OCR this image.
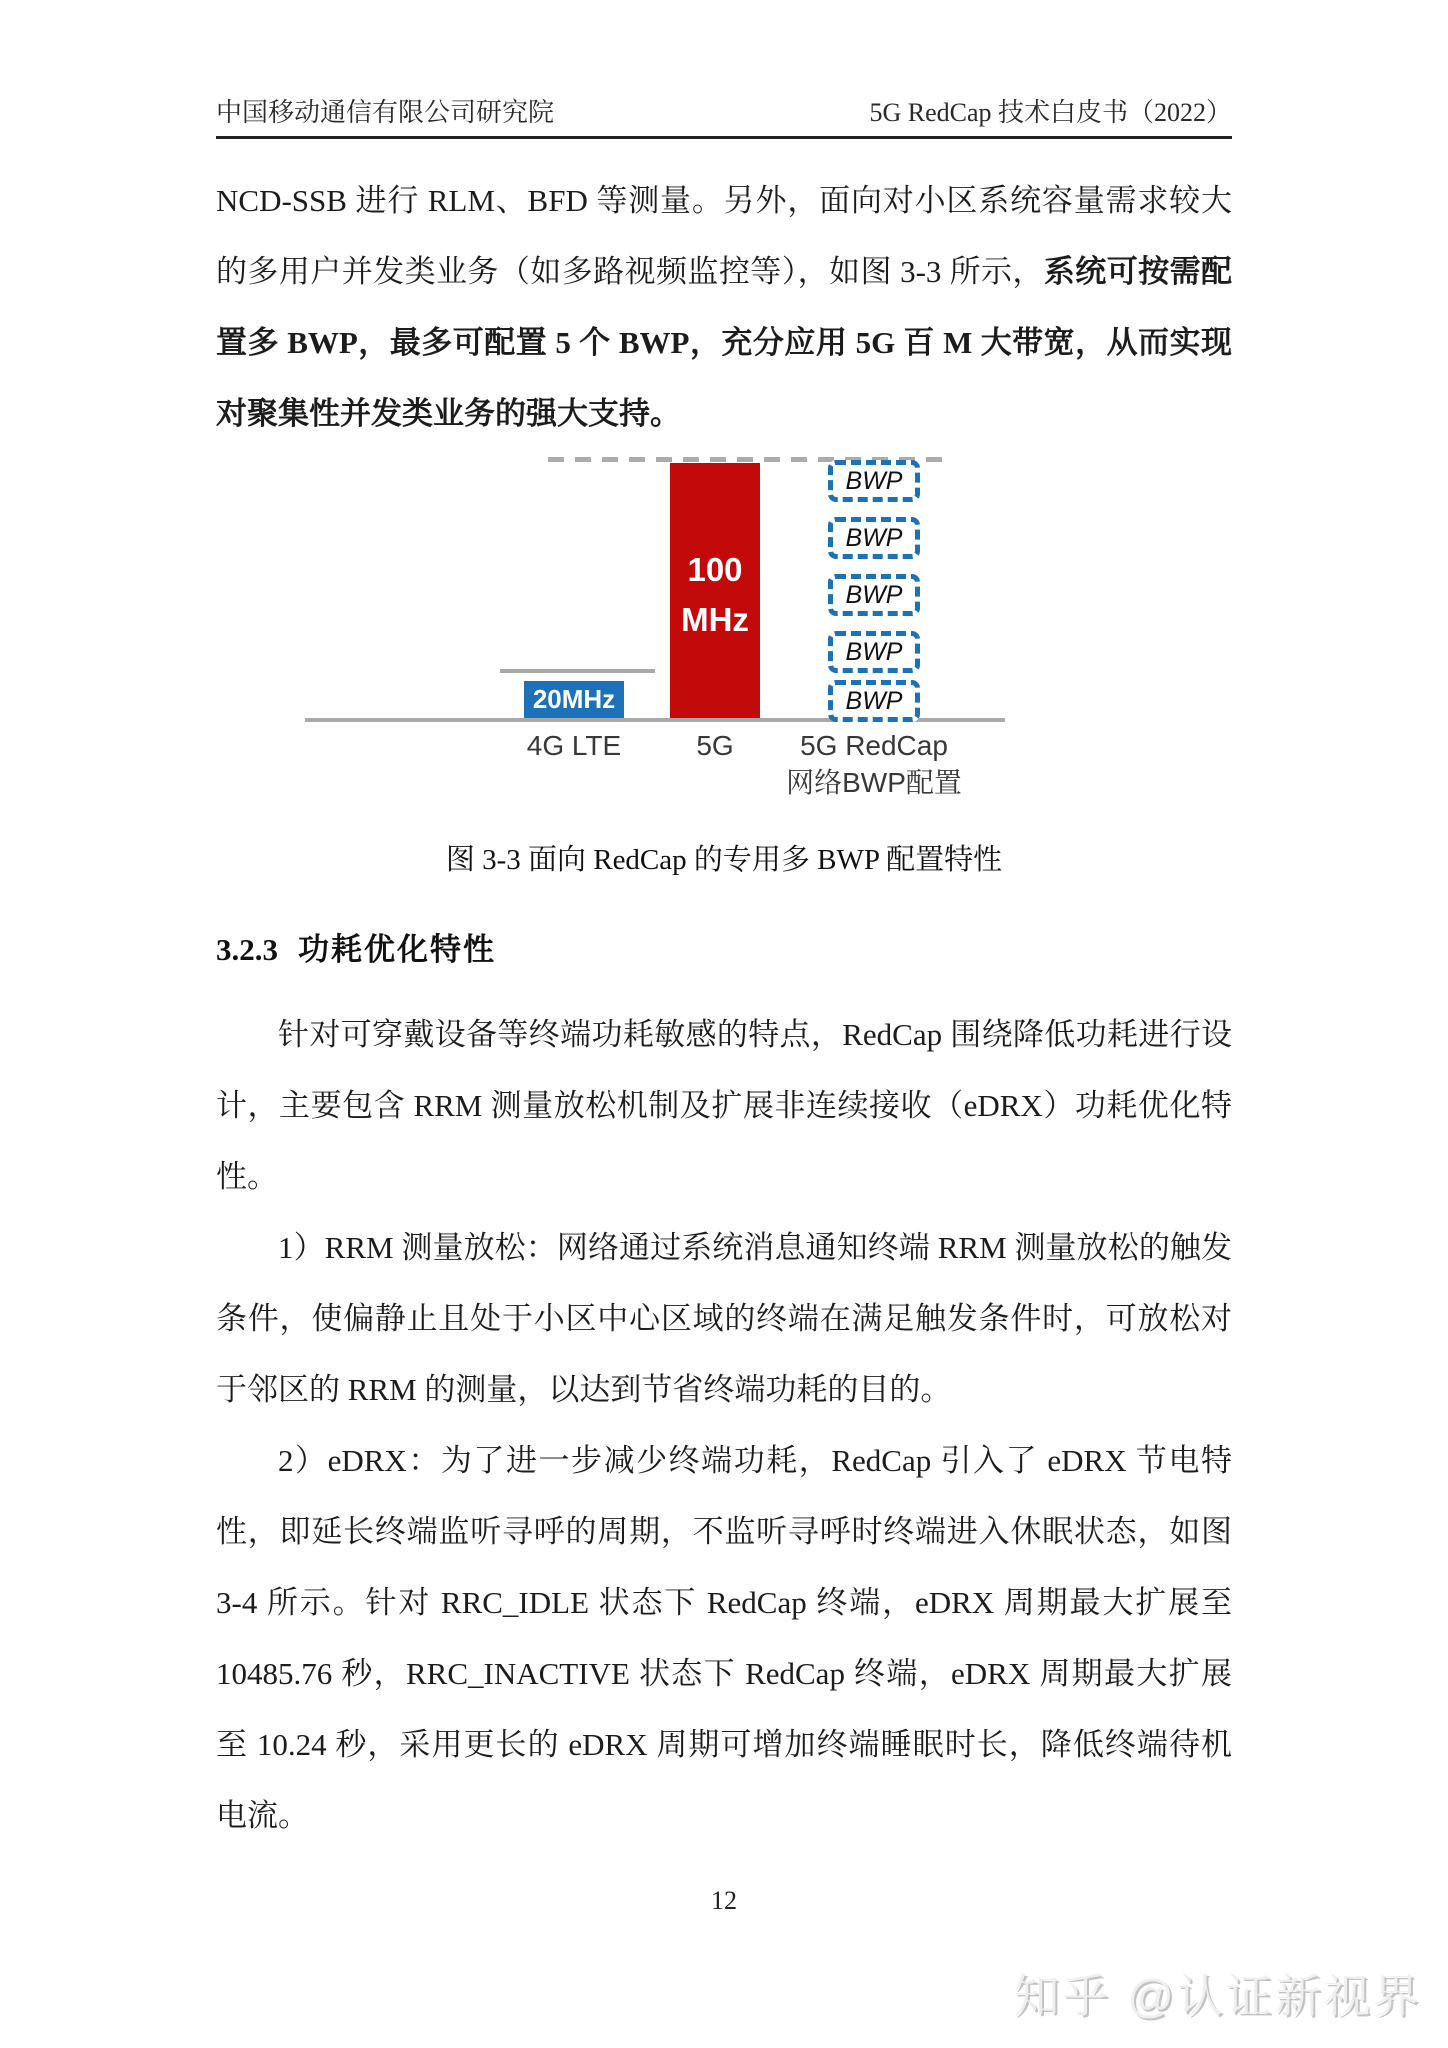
中国移动通信有限公司研究院	5G RedCap 技术白皮书（2022）

NCD-SSB 进行 RLM、BFD 等测量。另外，面向对小区系统容量需求较大的多用户并发类业务（如多路视频监控等），如图 3-3 所示，系统可按需配置多 BWP，最多可配置 5 个 BWP，充分应用 5G 百 M 大带宽，从而实现对聚集性并发类业务的强大支持。

20MHz
100
MHz
BWP
BWP
BWP
BWP
BWP
4G LTE	5G	5G RedCap
网络BWP配置

图 3-3 面向 RedCap 的专用多 BWP 配置特性

3.2.3 功耗优化特性

针对可穿戴设备等终端功耗敏感的特点，RedCap 围绕降低功耗进行设计，主要包含 RRM 测量放松机制及扩展非连续接收（eDRX）功耗优化特性。

1）RRM 测量放松：网络通过系统消息通知终端 RRM 测量放松的触发条件，使偏静止且处于小区中心区域的终端在满足触发条件时，可放松对于邻区的 RRM 的测量，以达到节省终端功耗的目的。

2）eDRX：为了进一步减少终端功耗，RedCap 引入了 eDRX 节电特性，即延长终端监听寻呼的周期，不监听寻呼时终端进入休眠状态，如图 3-4 所示。针对 RRC_IDLE 状态下 RedCap 终端，eDRX 周期最大扩展至 10485.76 秒，RRC_INACTIVE 状态下 RedCap 终端，eDRX 周期最大扩展至 10.24 秒，采用更长的 eDRX 周期可增加终端睡眠时长，降低终端待机电流。

12
知乎 @认证新视界
